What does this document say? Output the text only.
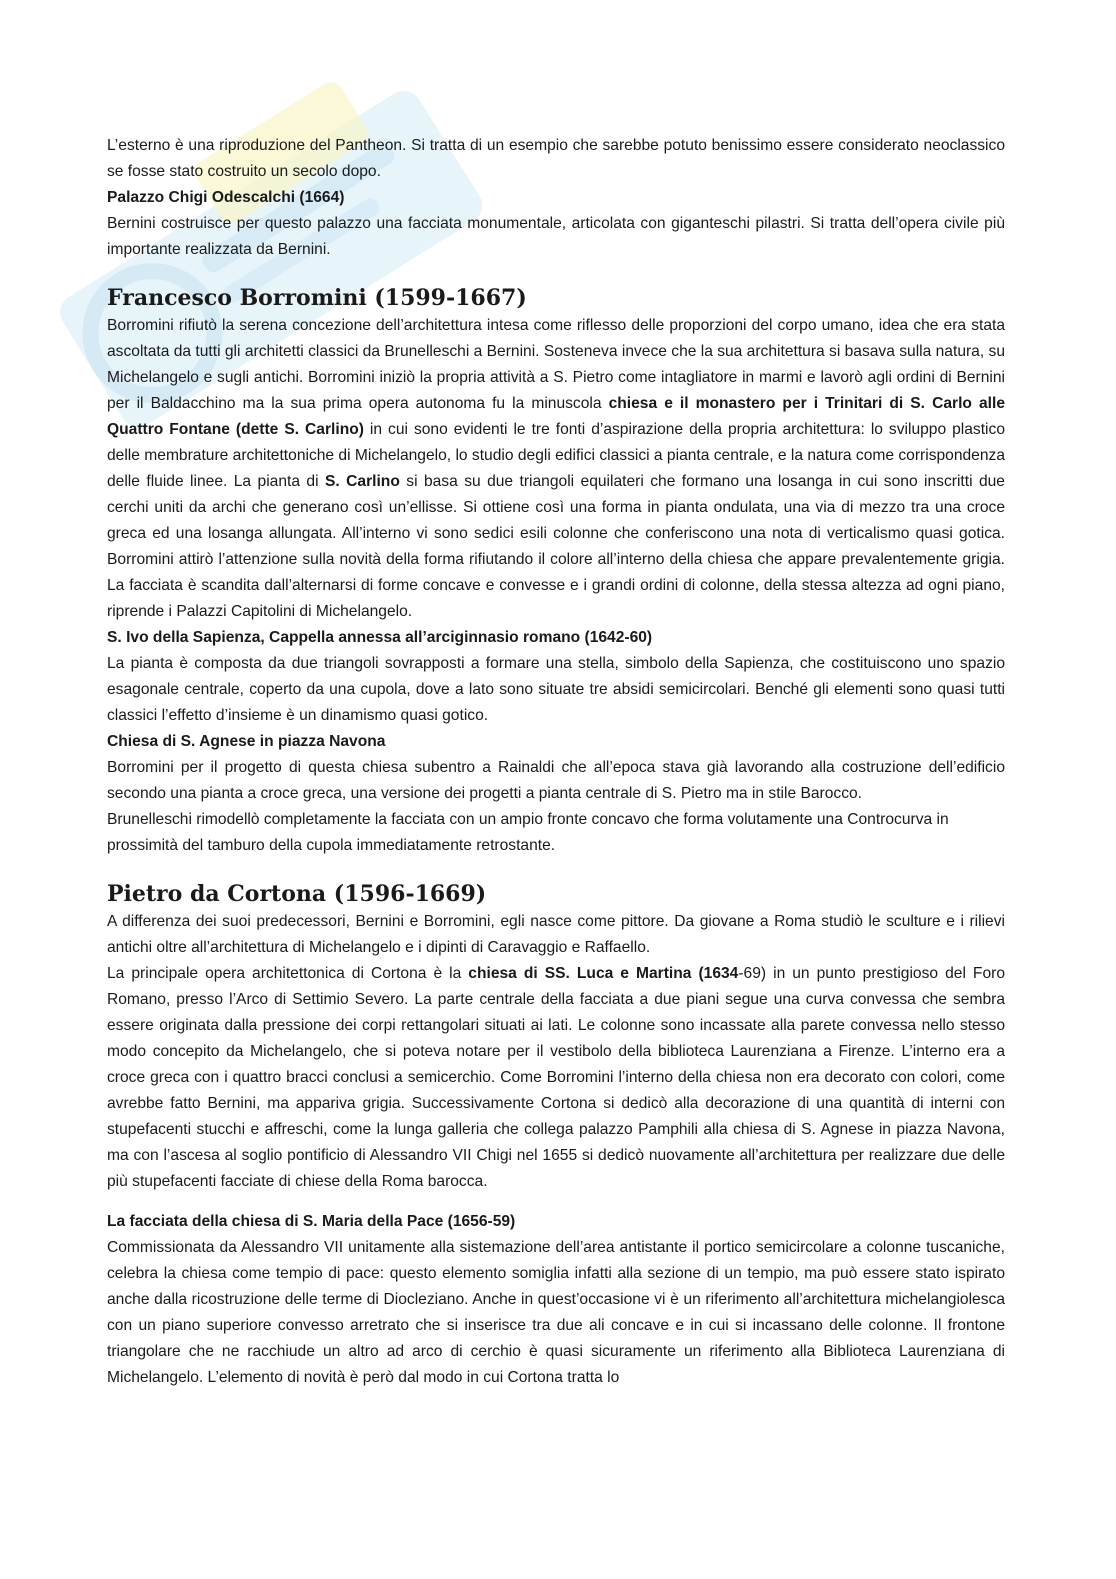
L’esterno è una riproduzione del Pantheon. Si tratta di un esempio che sarebbe potuto benissimo essere considerato neoclassico se fosse stato costruito un secolo dopo.

Palazzo Chigi Odescalchi (1664)

Bernini costruisce per questo palazzo una facciata monumentale, articolata con giganteschi pilastri. Si tratta dell’opera civile più importante realizzata da Bernini.

Francesco Borromini (1599-1667)

Borromini rifiutò la serena concezione dell’architettura intesa come riflesso delle proporzioni del corpo umano, idea che era stata ascoltata da tutti gli architetti classici da Brunelleschi a Bernini. Sosteneva invece che la sua architettura si basava sulla natura, su Michelangelo e sugli antichi. Borromini iniziò la propria attività a S. Pietro come intagliatore in marmi e lavorò agli ordini di Bernini per il Baldacchino ma la sua prima opera autonoma fu la minuscola chiesa e il monastero per i Trinitari di S. Carlo alle Quattro Fontane (dette S. Carlino) in cui sono evidenti le tre fonti d’aspirazione della propria architettura: lo sviluppo plastico delle membrature architettoniche di Michelangelo, lo studio degli edifici classici a pianta centrale, e la natura come corrispondenza delle fluide linee. La pianta di S. Carlino si basa su due triangoli equilateri che formano una losanga in cui sono inscritti due cerchi uniti da archi che generano così un’ellisse. Si ottiene così una forma in pianta ondulata, una via di mezzo tra una croce greca ed una losanga allungata. All’interno vi sono sedici esili colonne che conferiscono una nota di verticalismo quasi gotica. Borromini attirò l’attenzione sulla novità della forma rifiutando il colore all’interno della chiesa che appare prevalentemente grigia. La facciata è scandita dall’alternarsi di forme concave e convesse e i grandi ordini di colonne, della stessa altezza ad ogni piano, riprende i Palazzi Capitolini di Michelangelo.

S. Ivo della Sapienza, Cappella annessa all’arciginnasio romano (1642-60)

La pianta è composta da due triangoli sovrapposti a formare una stella, simbolo della Sapienza, che costituiscono uno spazio esagonale centrale, coperto da una cupola, dove a lato sono situate tre absidi semicircolari. Benché gli elementi sono quasi tutti classici l’effetto d’insieme è un dinamismo quasi gotico.

Chiesa di S. Agnese in piazza Navona

Borromini per il progetto di questa chiesa subentro a Rainaldi che all’epoca stava già lavorando alla costruzione dell’edificio secondo una pianta a croce greca, una versione dei progetti a pianta centrale di S. Pietro ma in stile Barocco.

Brunelleschi rimodellò completamente la facciata con un ampio fronte concavo che forma volutamente una Controcurva in prossimità del tamburo della cupola immediatamente retrostante.

Pietro da Cortona (1596-1669)

A differenza dei suoi predecessori, Bernini e Borromini, egli nasce come pittore. Da giovane a Roma studiò le sculture e i rilievi antichi oltre all’architettura di Michelangelo e i dipinti di Caravaggio e Raffaello.

La principale opera architettonica di Cortona è la chiesa di SS. Luca e Martina (1634-69) in un punto prestigioso del Foro Romano, presso l’Arco di Settimio Severo. La parte centrale della facciata a due piani segue una curva convessa che sembra essere originata dalla pressione dei corpi rettangolari situati ai lati. Le colonne sono incassate alla parete convessa nello stesso modo concepito da Michelangelo, che si poteva notare per il vestibolo della biblioteca Laurenziana a Firenze. L’interno era a croce greca con i quattro bracci conclusi a semicerchio. Come Borromini l’interno della chiesa non era decorato con colori, come avrebbe fatto Bernini, ma appariva grigia. Successivamente Cortona si dedicò alla decorazione di una quantità di interni con stupefacenti stucchi e affreschi, come la lunga galleria che collega palazzo Pamphili alla chiesa di S. Agnese in piazza Navona, ma con l’ascesa al soglio pontificio di Alessandro VII Chigi nel 1655 si dedicò nuovamente all’architettura per realizzare due delle più stupefacenti facciate di chiese della Roma barocca.

La facciata della chiesa di S. Maria della Pace (1656-59)

Commissionata da Alessandro VII unitamente alla sistemazione dell’area antistante il portico semicircolare a colonne tuscaniche, celebra la chiesa come tempio di pace: questo elemento somiglia infatti alla sezione di un tempio, ma può essere stato ispirato anche dalla ricostruzione delle terme di Diocleziano. Anche in quest’occasione vi è un riferimento all’architettura michelangiolesca con un piano superiore convesso arretrato che si inserisce tra due ali concave e in cui si incassano delle colonne. Il frontone triangolare che ne racchiude un altro ad arco di cerchio è quasi sicuramente un riferimento alla Biblioteca Laurenziana di Michelangelo. L’elemento di novità è però dal modo in cui Cortona tratta lo
